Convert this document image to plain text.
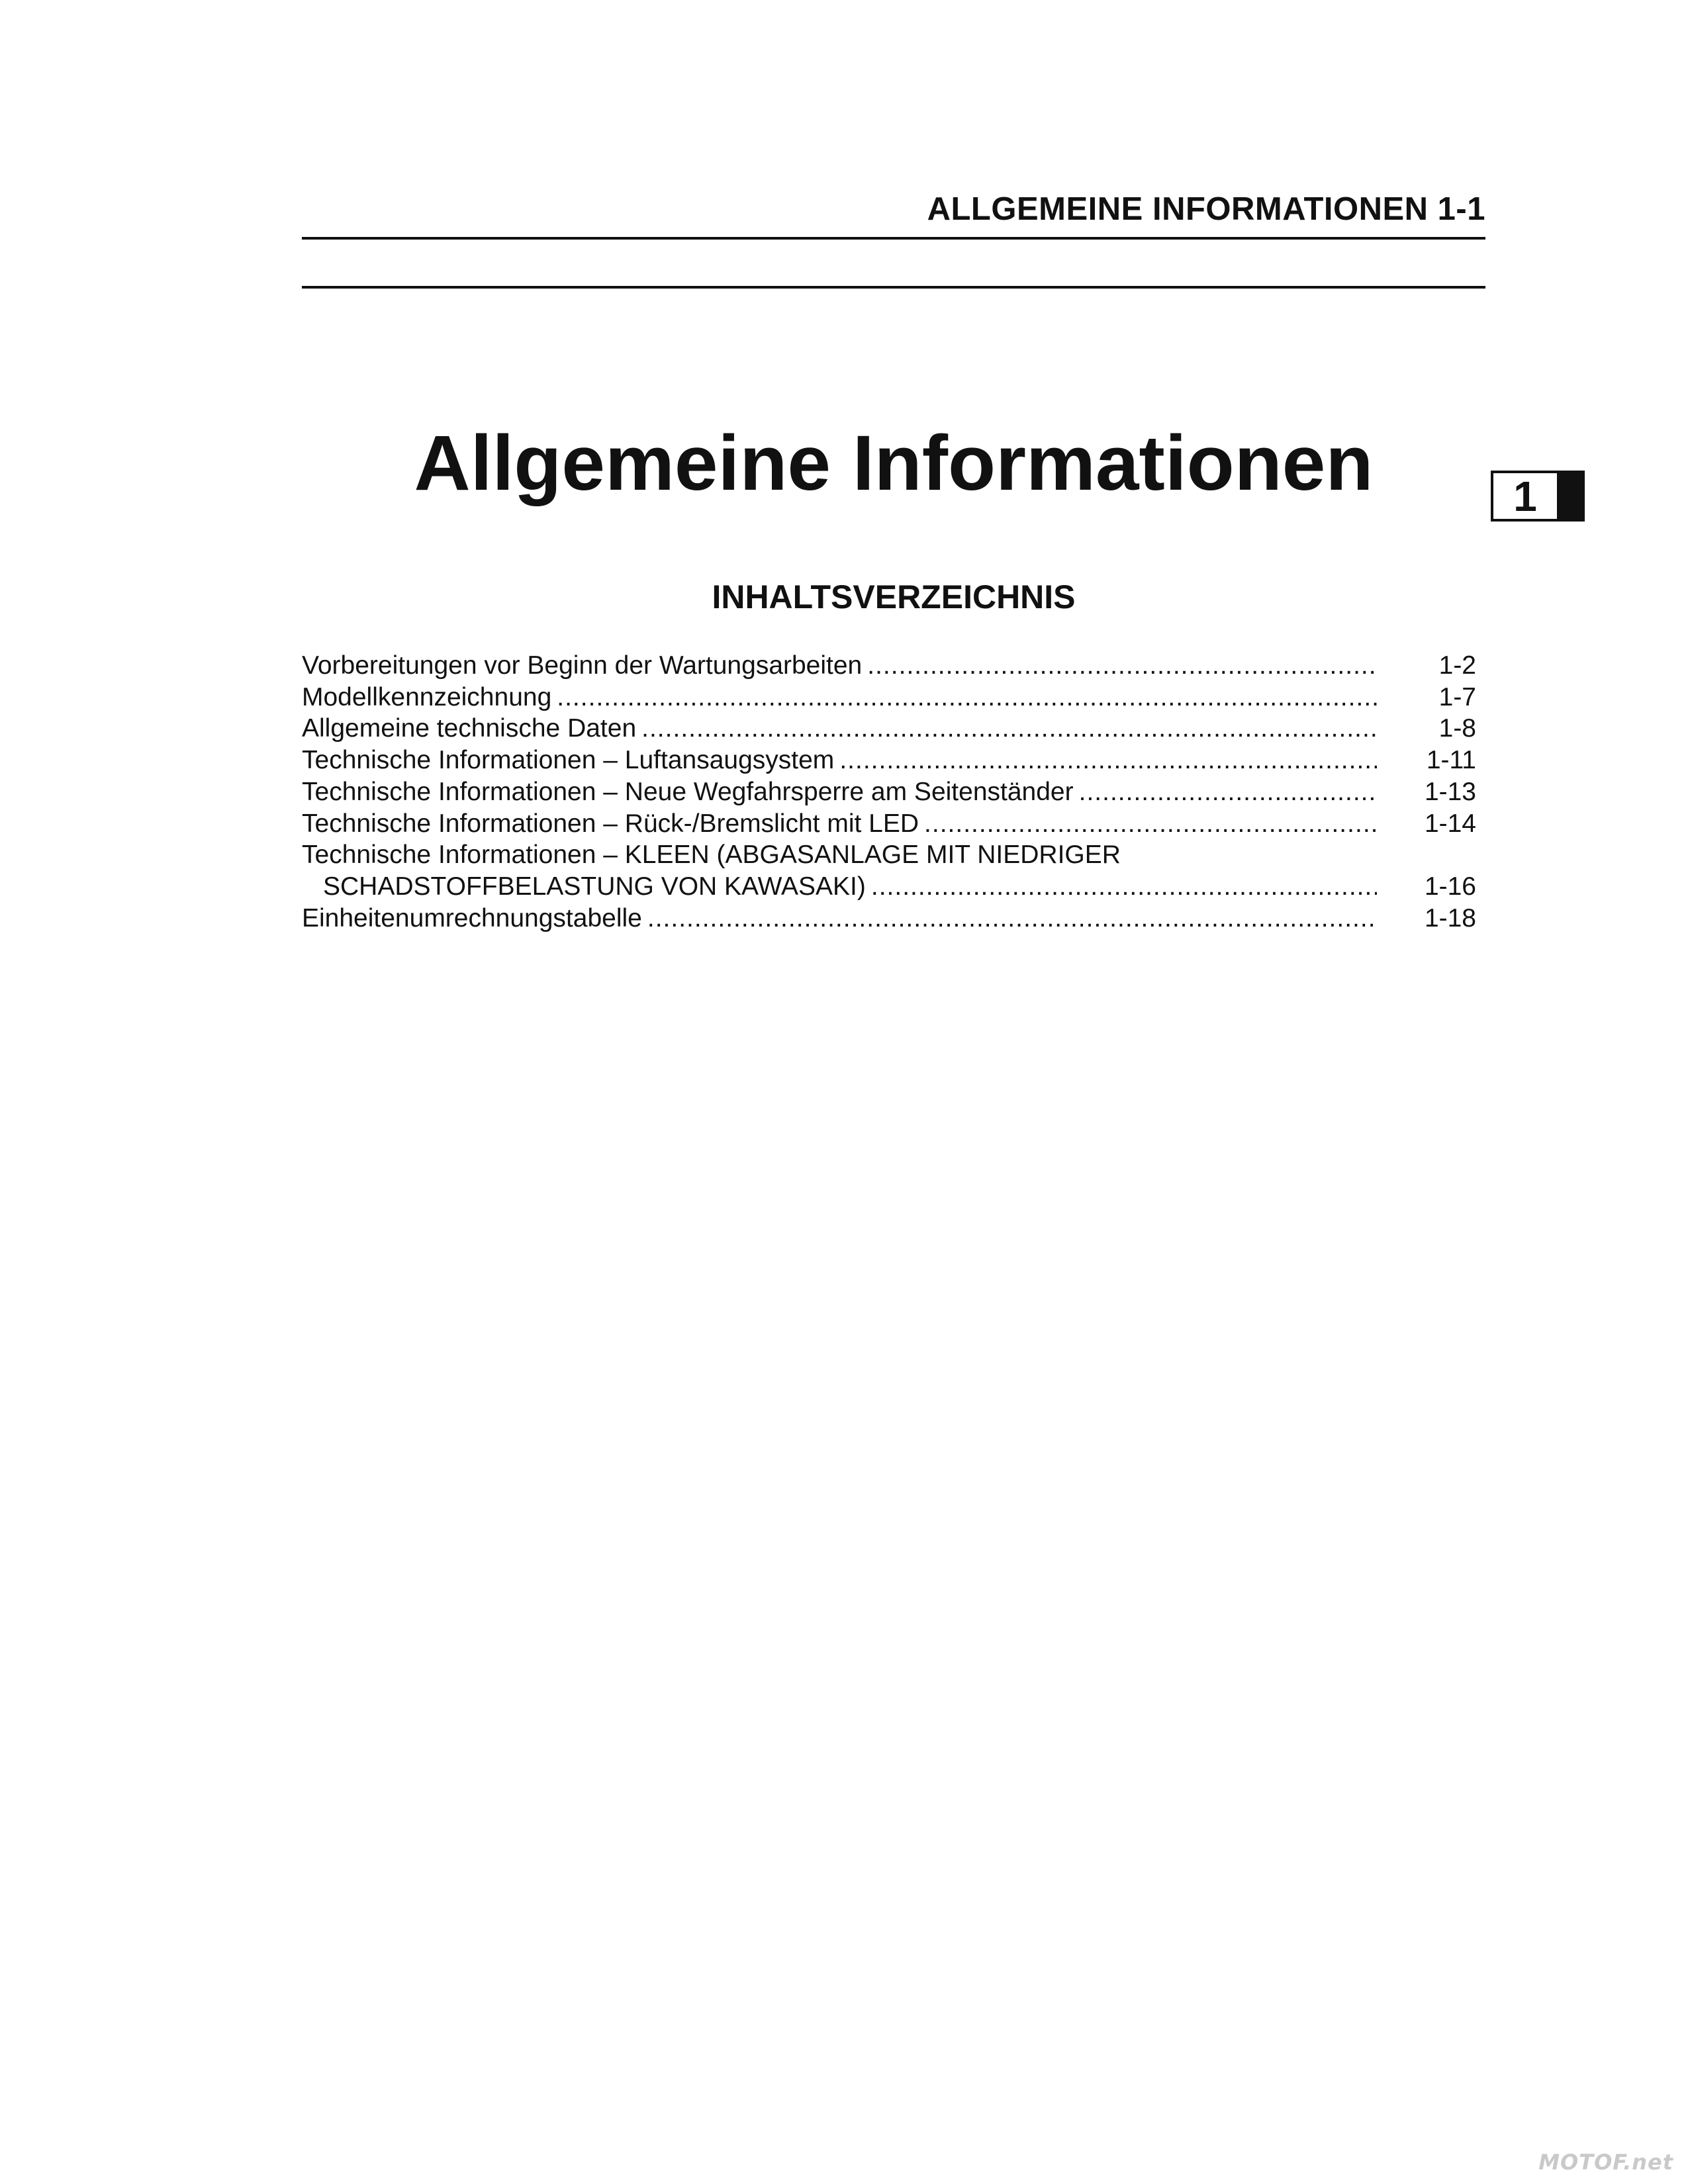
ALLGEMEINE INFORMATIONEN 1-1
Allgemeine Informationen	1
INHALTSVERZEICHNIS
Vorbereitungen vor Beginn der Wartungsarbeiten .....	1-2
Modellkennzeichnung .....	1-7
Allgemeine technische Daten .....	1-8
Technische Informationen – Luftansaugsystem .....	1-11
Technische Informationen – Neue Wegfahrsperre am Seitenständer .....	1-13
Technische Informationen – Rück-/Bremslicht mit LED .....	1-14
Technische Informationen – KLEEN (ABGASANLAGE MIT NIEDRIGER
SCHADSTOFFBELASTUNG VON KAWASAKI) .....	1-16
Einheitenumrechnungstabelle .....	1-18
MOTOF.net
